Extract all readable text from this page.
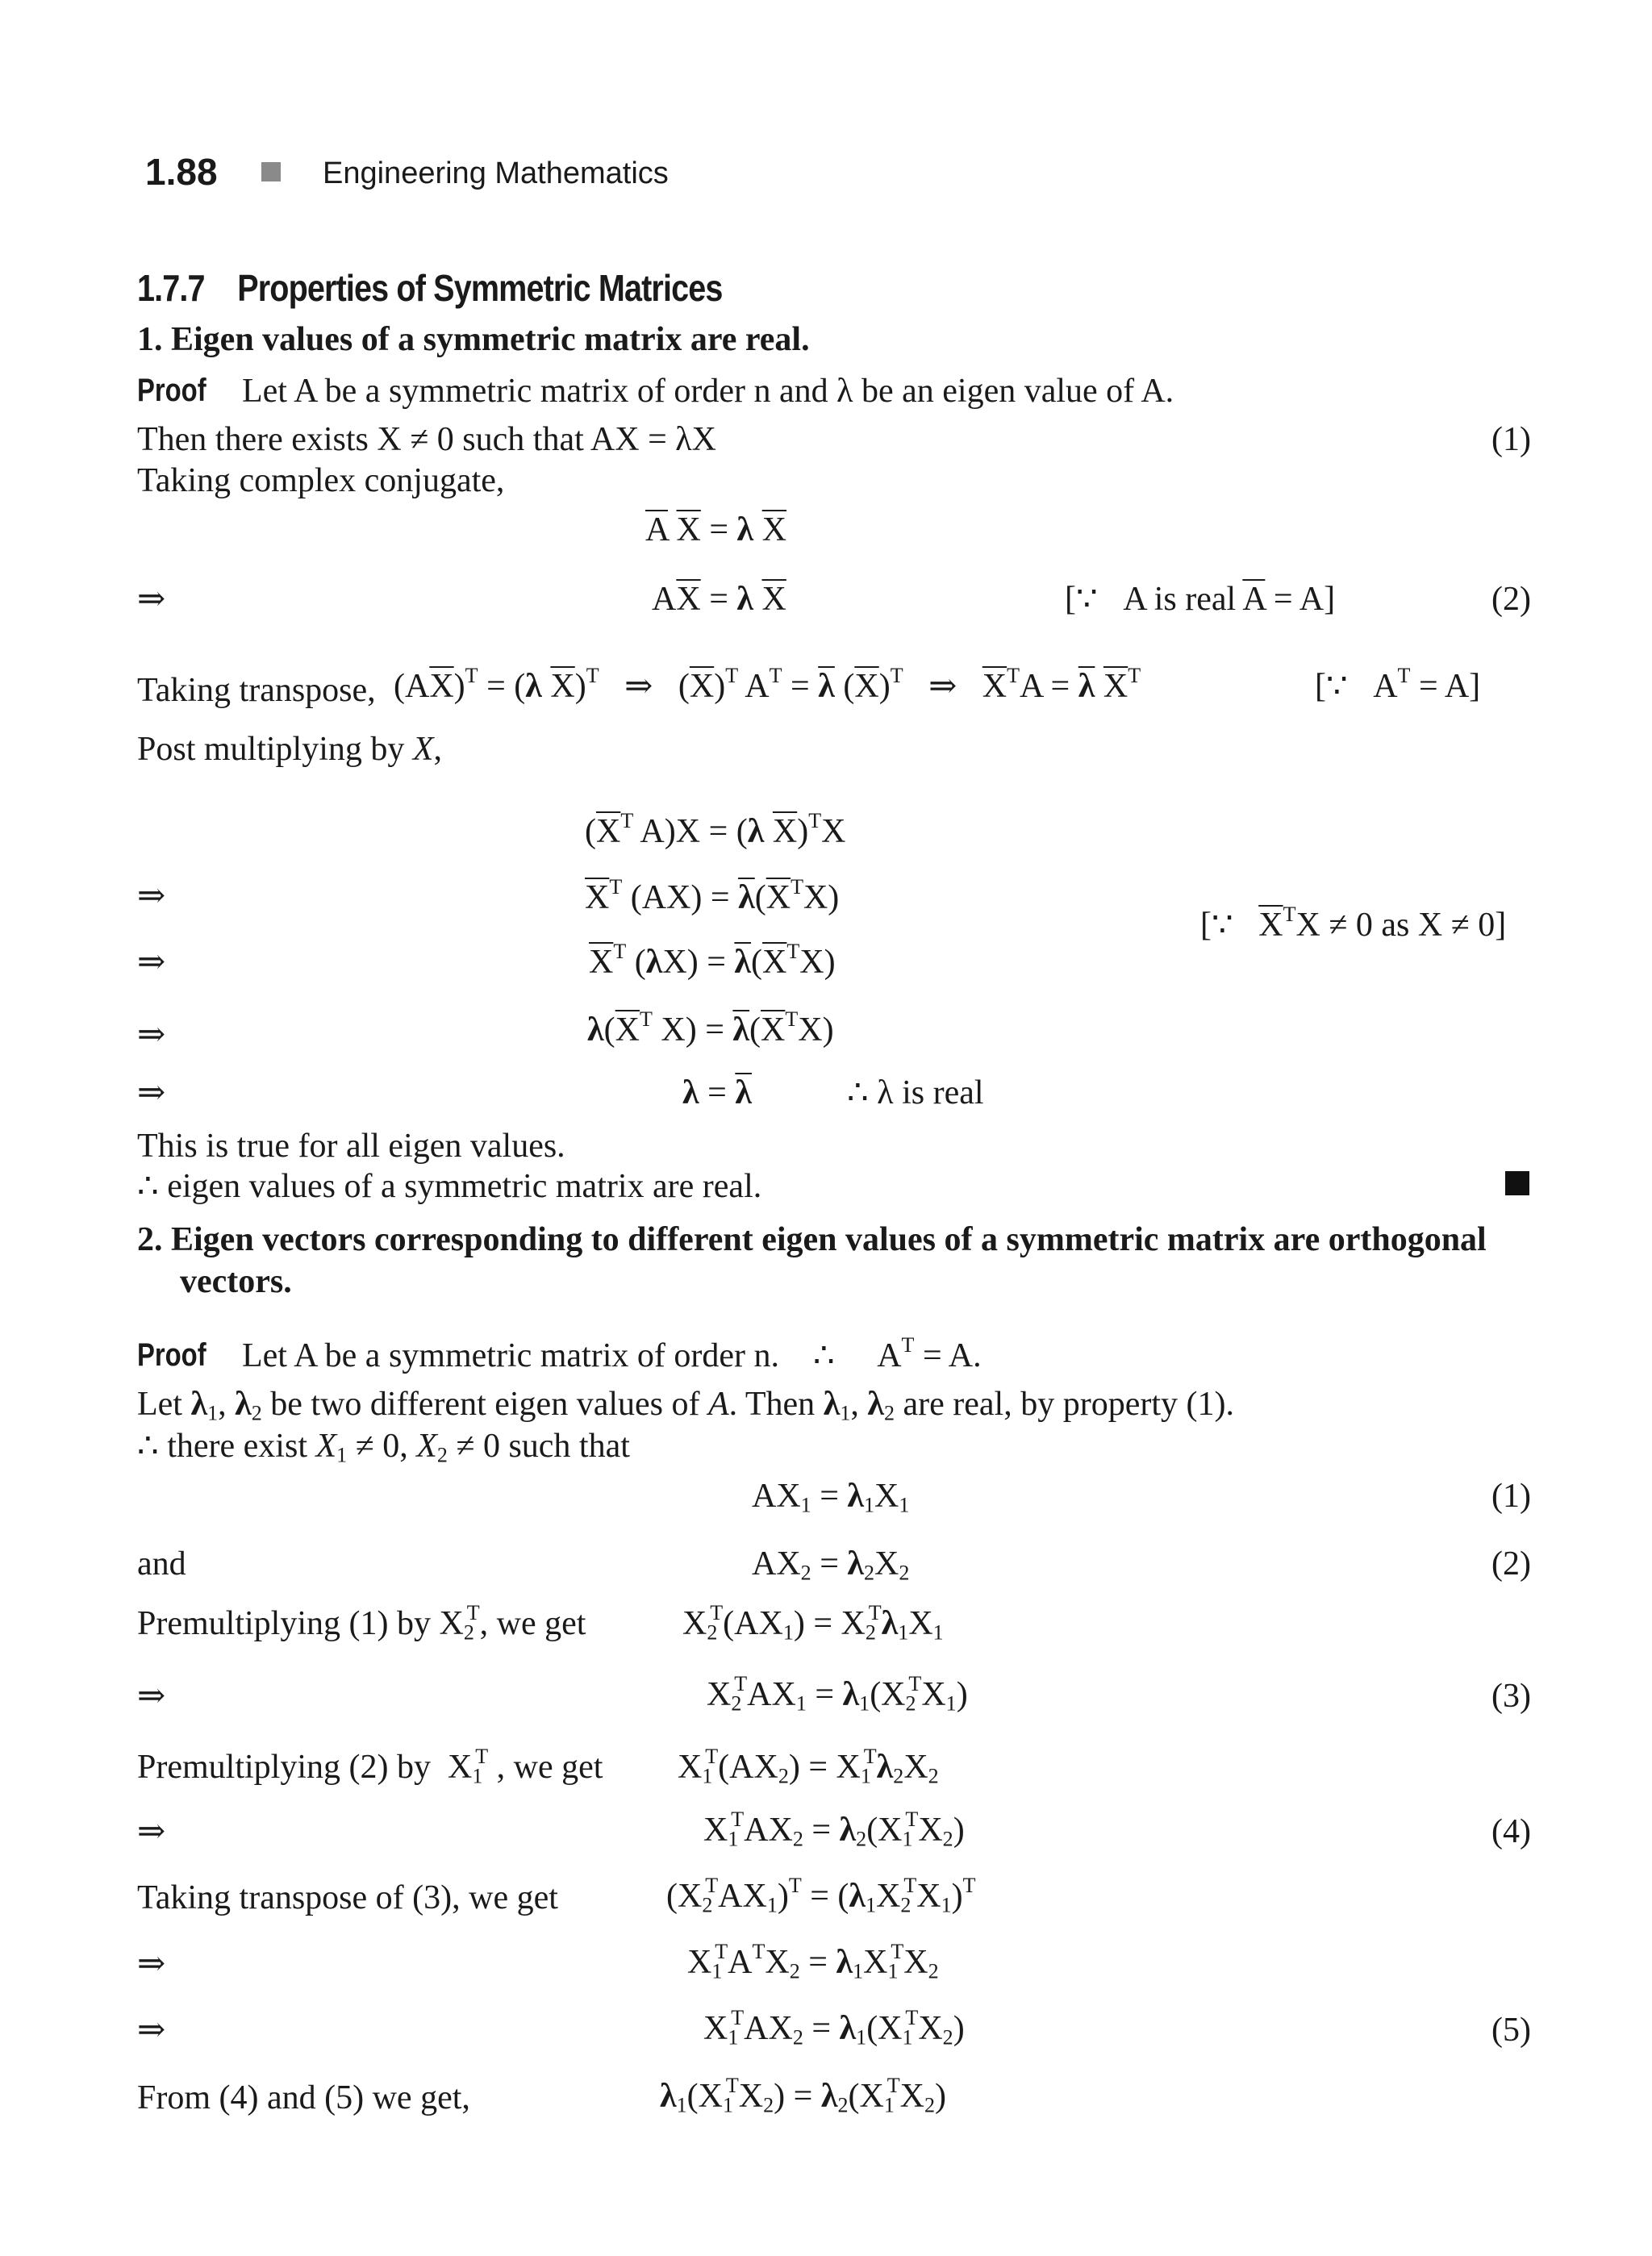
1.88	Engineering Mathematics
1.7.7 Properties of Symmetric Matrices
1. Eigen values of a symmetric matrix are real.
Proof Let A be a symmetric matrix of order n and λ be an eigen value of A.
Then there exists X ≠ 0 such that AX = λX	(1)
Taking complex conjugate,
$\overline{A}$ $\overline{X} = \lambda$ $\overline{X}$
⇒	$A\overline{X} = \lambda$ $\overline{X}$	[∵   A is real $\overline{A} = A$]	(2)
Taking transpose, $(A\overline{X})^T = (\lambda$ $\overline{X})^T$   ⇒   $(\overline{X})^T$ $A^T = \overline{\lambda}$ $(\overline{X})^T$   ⇒   $\overline{X}^TA = \overline{\lambda}$ $\overline{X}^T$	[∵   $A^T = A$]
Post multiplying by X,
($\overline{X}^T$ A)X = (λ $\overline{X})^TX$
⇒	$\overline{X}^T$ $(AX) = \overline{\lambda}(\overline{X}^TX)$
[∵   $\overline{X}^TX \ne 0$ as X ≠ 0]
⇒	$\overline{X}^T$ $(\lambda X) = \overline{\lambda}(\overline{X}^TX)$
⇒	$\lambda(\overline{X}^T$ $X) = \overline{\lambda}(\overline{X}^TX)$
⇒	$\lambda = \overline{\lambda}$	∴ λ is real
This is true for all eigen values.
∴ eigen values of a symmetric matrix are real.
2. Eigen vectors corresponding to different eigen values of a symmetric matrix are orthogonal
vectors.
Proof Let A be a symmetric matrix of order n.    ∴     $A^T = A$.
Let $\lambda_1$, $\lambda_2$ be two different eigen values of A. Then $\lambda_1$, $\lambda_2$ are real, by property (1).
∴ there exist $X_1 \ne 0$, $X_2 \ne 0$ such that
$AX_1 = \lambda_1X_1$	(1)
and	$AX_2 = \lambda_2X_2$	(2)
Premultiplying (1) by $X_2^T$, we get	$X_2^T(AX_1) = X_2^T\lambda_1X_1$
⇒	$X_2^TAX_1 = \lambda_1(X_2^TX_1)$	(3)
Premultiplying (2) by  $X_1^T$ , we get $X_1^T(AX_2) = X_1^T\lambda_2X_2$
⇒	$X_1^TAX_2 = \lambda_2(X_1^TX_2)$	(4)
Taking transpose of (3), we get	$(X_2^TAX_1)^T = (\lambda_1X_2^TX_1)^T$
⇒	$X_1^TA^TX_2 = \lambda_1X_1^TX_2$
⇒	$X_1^TAX_2 = \lambda_1(X_1^TX_2)$	(5)
From (4) and (5) we get,	$\lambda_1(X_1^TX_2) = \lambda_2(X_1^TX_2)$
